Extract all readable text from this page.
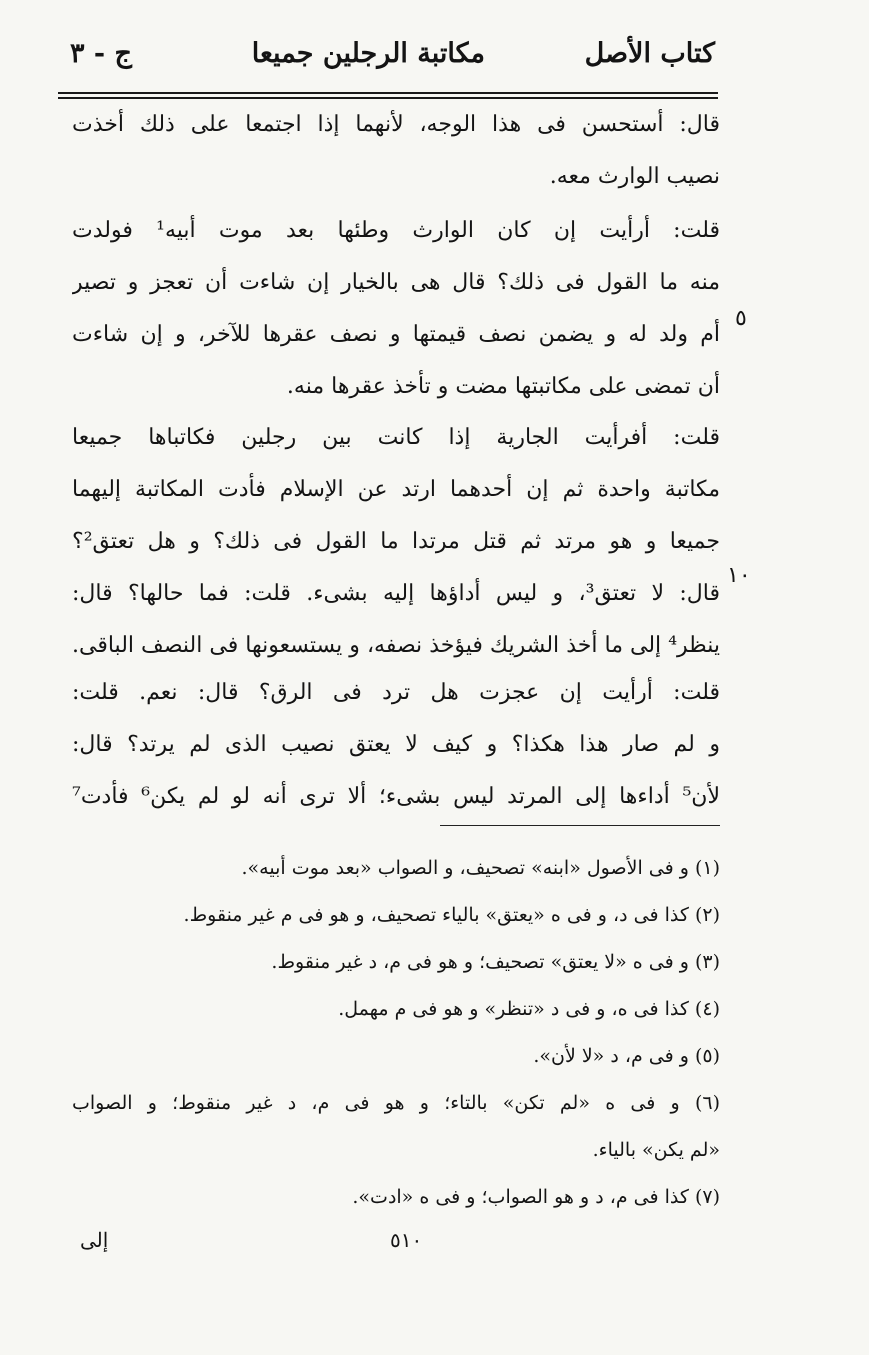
كتاب الأصل
مكاتبة الرجلين جميعا
ج - ٣
قال: أستحسن فى هذا الوجه، لأنهما إذا اجتمعا على ذلك أخذت
نصيب الوارث معه.
قلت: أرأيت إن كان الوارث وطئها بعد موت أبيه¹ فولدت
منه ما القول فى ذلك؟ قال هى بالخيار إن شاءت أن تعجز و تصير
أم ولد له و يضمن نصف قيمتها و نصف عقرها للآخر، و إن شاءت
أن تمضى على مكاتبتها مضت و تأخذ عقرها منه.
قلت: أفرأيت الجارية إذا كانت بين رجلين فكاتباها جميعا
مكاتبة واحدة ثم إن أحدهما ارتد عن الإسلام فأدت المكاتبة إليهما
جميعا و هو مرتد ثم قتل مرتدا ما القول فى ذلك؟ و هل تعتق²؟
قال: لا تعتق³، و ليس أداؤها إليه بشىء. قلت: فما حالها؟ قال:
ينظر⁴ إلى ما أخذ الشريك فيؤخذ نصفه، و يستسعونها فى النصف الباقى.
قلت: أرأيت إن عجزت هل ترد فى الرق؟ قال: نعم. قلت:
و لم صار هذا هكذا؟ و كيف لا يعتق نصيب الذى لم يرتد؟ قال:
لأن⁵ أداءها إلى المرتد ليس بشىء؛ ألا ترى أنه لو لم يكن⁶ فأدت⁷
٥
١٠
(١) و فى الأصول «ابنه» تصحيف، و الصواب «بعد موت أبيه».
(٢) كذا فى د، و فى ه «يعتق» بالياء تصحيف، و هو فى م غير منقوط.
(٣) و فى ه «لا يعتق» تصحيف؛ و هو فى م، د غير منقوط.
(٤) كذا فى ه، و فى د «تنظر» و هو فى م مهمل.
(٥) و فى م، د «لا لأن».
(٦) و فى ه «لم تكن» بالتاء؛ و هو فى م، د غير منقوط؛ و الصواب
«لم يكن» بالياء.
(٧) كذا فى م، د و هو الصواب؛ و فى ه «ادت».
٥١٠
إلى
